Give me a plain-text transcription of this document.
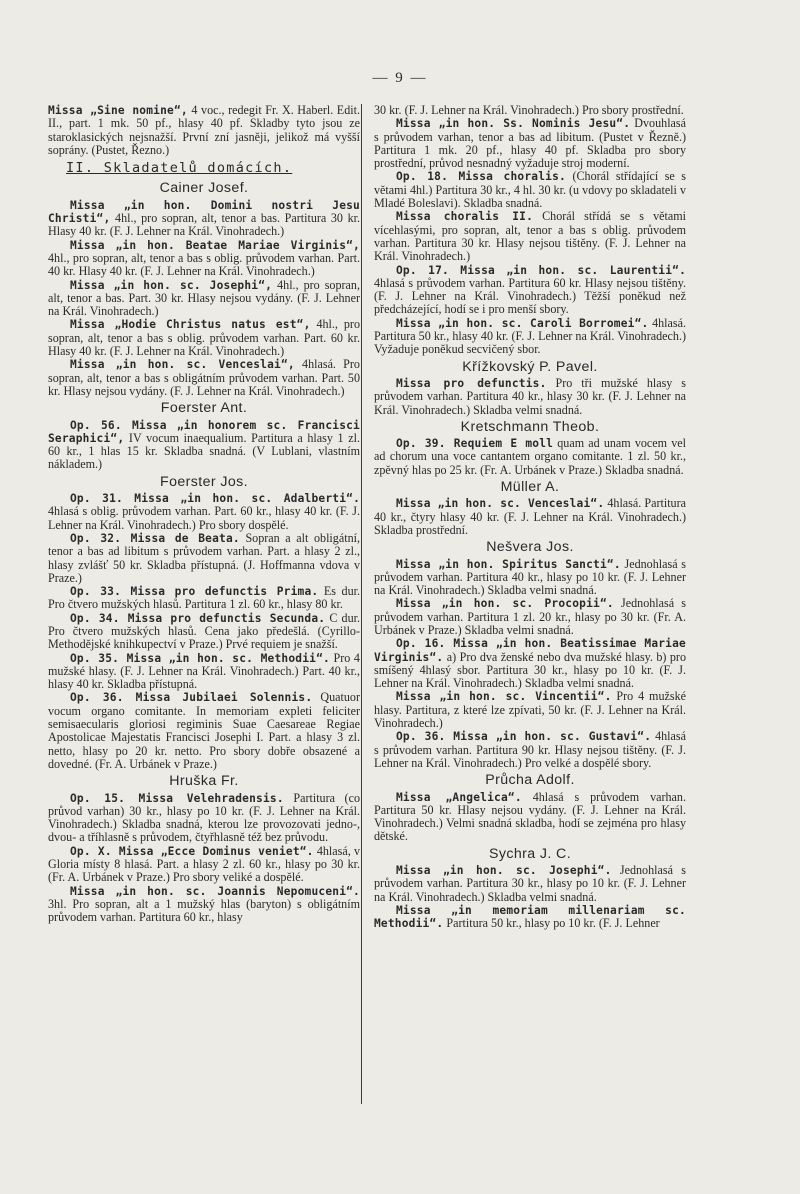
— 9 —
Missa „Sine nomine“, 4 voc., redegit Fr. X. Haberl. Edit. II., part. 1 mk. 50 pf., hlasy 40 pf. Skladby tyto jsou ze staroklasických nejsnažší. První zní jasněji, jelikož má vyšší soprány. (Pustet, Řezno.)
II. Skladatelů domácích.
Cainer Josef.
Missa „in hon. Domini nostri Jesu Christi“, 4hl., pro sopran, alt, tenor a bas. Partitura 30 kr. Hlasy 40 kr. (F. J. Lehner na Král. Vinohradech.)
Missa „in hon. Beatae Mariae Virginis“, 4hl., pro sopran, alt, tenor a bas s oblig. průvodem varhan. Part. 40 kr. Hlasy 40 kr. (F. J. Lehner na Král. Vinohradech.)
Missa „in hon. sc. Josephi“, 4hl., pro sopran, alt, tenor a bas. Part. 30 kr. Hlasy nejsou vydány. (F. J. Lehner na Král. Vinohradech.)
Missa „Hodie Christus natus est“, 4hl., pro sopran, alt, tenor a bas s oblig. průvodem varhan. Part. 60 kr. Hlasy 40 kr. (F. J. Lehner na Král. Vinohradech.)
Missa „in hon. sc. Venceslai“, 4hlasá. Pro sopran, alt, tenor a bas s obligátním průvodem varhan. Part. 50 kr. Hlasy nejsou vydány. (F. J. Lehner na Král. Vinohradech.)
Foerster Ant.
Op. 56. Missa „in honorem sc. Francisci Seraphici“, IV vocum inaequalium. Partitura a hlasy 1 zl. 60 kr., 1 hlas 15 kr. Skladba snadná. (V Lublani, vlastním nákladem.)
Foerster Jos.
Op. 31. Missa „in hon. sc. Adalberti“. 4hlasá s oblig. průvodem varhan. Part. 60 kr., hlasy 40 kr. (F. J. Lehner na Král. Vinohradech.) Pro sbory dospělé.
Op. 32. Missa de Beata. Sopran a alt obligátní, tenor a bas ad libitum s průvodem varhan. Part. a hlasy 2 zl., hlasy zvlášť 50 kr. Skladba přístupná. (J. Hoffmanna vdova v Praze.)
Op. 33. Missa pro defunctis Prima. Es dur. Pro čtvero mužských hlasů. Partitura 1 zl. 60 kr., hlasy 80 kr.
Op. 34. Missa pro defunctis Secunda. C dur. Pro čtvero mužských hlasů. Cena jako předešlá. (Cyrillo-Methodějské knihkupectví v Praze.) Prvé requiem je snažší.
Op. 35. Missa „in hon. sc. Methodii“. Pro 4 mužské hlasy. (F. J. Lehner na Král. Vinohradech.) Part. 40 kr., hlasy 40 kr. Skladba přístupná.
Op. 36. Missa Jubilaei Solennis. Quatuor vocum organo comitante. In memoriam expleti feliciter semisaecularis gloriosi regiminis Suae Caesareae Regiae Apostolicae Majestatis Francisci Josephi I. Part. a hlasy 3 zl. netto, hlasy po 20 kr. netto. Pro sbory dobře obsazené a dovedné. (Fr. A. Urbánek v Praze.)
Hruška Fr.
Op. 15. Missa Velehradensis. Partitura (co průvod varhan) 30 kr., hlasy po 10 kr. (F. J. Lehner na Král. Vinohradech.) Skladba snadná, kterou lze provozovati jedno-, dvou- a tříhlasně s průvodem, čtyřhlasně též bez průvodu.
Op. X. Missa „Ecce Dominus veniet“. 4hlasá, v Gloria místy 8 hlasá. Part. a hlasy 2 zl. 60 kr., hlasy po 30 kr. (Fr. A. Urbánek v Praze.) Pro sbory veliké a dospělé.
Missa „in hon. sc. Joannis Nepomuceni“. 3hl. Pro sopran, alt a 1 mužský hlas (baryton) s obligátním průvodem varhan. Partitura 60 kr., hlasy
30 kr. (F. J. Lehner na Král. Vinohradech.) Pro sbory prostřední.
Missa „in hon. Ss. Nominis Jesu“. Dvouhlasá s průvodem varhan, tenor a bas ad libitum. (Pustet v Řezně.) Partitura 1 mk. 20 pf., hlasy 40 pf. Skladba pro sbory prostřední, průvod nesnadný vyžaduje stroj moderní.
Op. 18. Missa choralis. (Chorál střídající se s větami 4hl.) Partitura 30 kr., 4 hl. 30 kr. (u vdovy po skladateli v Mladé Boleslavi). Skladba snadná.
Missa choralis II. Chorál střídá se s větami vícehlasými, pro sopran, alt, tenor a bas s oblig. průvodem varhan. Partitura 30 kr. Hlasy nejsou tištěny. (F. J. Lehner na Král. Vinohradech.)
Op. 17. Missa „in hon. sc. Laurentii“. 4hlasá s průvodem varhan. Partitura 60 kr. Hlasy nejsou tištěny. (F. J. Lehner na Král. Vinohradech.) Těžší poněkud než předcházející, hodí se i pro menší sbory.
Missa „in hon. sc. Caroli Borromei“. 4hlasá. Partitura 50 kr., hlasy 40 kr. (F. J. Lehner na Král. Vinohradech.) Vyžaduje poněkud secvičený sbor.
Křížkovský P. Pavel.
Missa pro defunctis. Pro tři mužské hlasy s průvodem varhan. Partitura 40 kr., hlasy 30 kr. (F. J. Lehner na Král. Vinohradech.) Skladba velmi snadná.
Kretschmann Theob.
Op. 39. Requiem E moll quam ad unam vocem vel ad chorum una voce cantantem organo comitante. 1 zl. 50 kr., zpěvný hlas po 25 kr. (Fr. A. Urbánek v Praze.) Skladba snadná.
Müller A.
Missa „in hon. sc. Venceslai“. 4hlasá. Partitura 40 kr., čtyry hlasy 40 kr. (F. J. Lehner na Král. Vinohradech.) Skladba prostřední.
Nešvera Jos.
Missa „in hon. Spiritus Sancti“. Jednohlasá s průvodem varhan. Partitura 40 kr., hlasy po 10 kr. (F. J. Lehner na Král. Vinohradech.) Skladba velmi snadná.
Missa „in hon. sc. Procopii“. Jednohlasá s průvodem varhan. Partitura 1 zl. 20 kr., hlasy po 30 kr. (Fr. A. Urbánek v Praze.) Skladba velmi snadná.
Op. 16. Missa „in hon. Beatissimae Mariae Virginis“. a) Pro dva ženské nebo dva mužské hlasy. b) pro smíšený 4hlasý sbor. Partitura 30 kr., hlasy po 10 kr. (F. J. Lehner na Král. Vinohradech.) Skladba velmi snadná.
Missa „in hon. sc. Vincentii“. Pro 4 mužské hlasy. Partitura, z které lze zpívati, 50 kr. (F. J. Lehner na Král. Vinohradech.)
Op. 36. Missa „in hon. sc. Gustavi“. 4hlasá s průvodem varhan. Partitura 90 kr. Hlasy nejsou tištěny. (F. J. Lehner na Král. Vinohradech.) Pro velké a dospělé sbory.
Průcha Adolf.
Missa „Angelica“. 4hlasá s průvodem varhan. Partitura 50 kr. Hlasy nejsou vydány. (F. J. Lehner na Král. Vinohradech.) Velmi snadná skladba, hodí se zejména pro hlasy dětské.
Sychra J. C.
Missa „in hon. sc. Josephi“. Jednohlasá s průvodem varhan. Partitura 30 kr., hlasy po 10 kr. (F. J. Lehner na Král. Vinohradech.) Skladba velmi snadná.
Missa „in memoriam millenariam sc. Methodii“. Partitura 50 kr., hlasy po 10 kr. (F. J. Lehner
